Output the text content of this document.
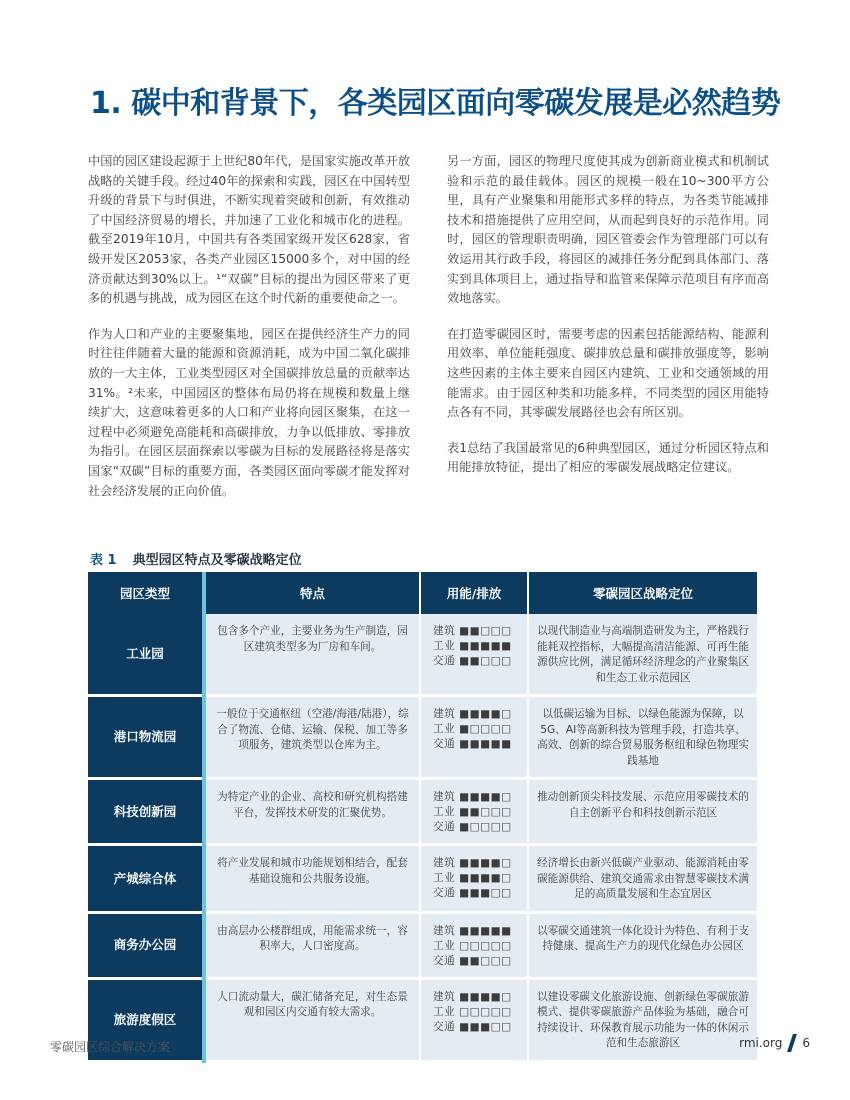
1. 碳中和背景下，各类园区面向零碳发展是必然趋势

中国的园区建设起源于上世纪80年代，是国家实施改革开放战略的关键手段。经过40年的探索和实践，园区在中国转型升级的背景下与时俱进，不断实现着突破和创新，有效推动了中国经济贸易的增长，并加速了工业化和城市化的进程。截至2019年10月，中国共有各类国家级开发区628家，省级开发区2053家，各类产业园区15000多个，对中国的经济贡献达到30%以上。¹“双碳”目标的提出为园区带来了更多的机遇与挑战，成为园区在这个时代新的重要使命之一。

作为人口和产业的主要聚集地，园区在提供经济生产力的同时往往伴随着大量的能源和资源消耗，成为中国二氧化碳排放的一大主体，工业类型园区对全国碳排放总量的贡献率达31%。²未来，中国园区的整体布局仍将在规模和数量上继续扩大，这意味着更多的人口和产业将向园区聚集，在这一过程中必须避免高能耗和高碳排放，力争以低排放、零排放为指引。在园区层面探索以零碳为目标的发展路径将是落实国家“双碳”目标的重要方面，各类园区面向零碳才能发挥对社会经济发展的正向价值。

另一方面，园区的物理尺度使其成为创新商业模式和机制试验和示范的最佳载体。园区的规模一般在10~300平方公里，具有产业聚集和用能形式多样的特点，为各类节能减排技术和措施提供了应用空间，从而起到良好的示范作用。同时，园区的管理职责明确，园区管委会作为管理部门可以有效运用其行政手段，将园区的减排任务分配到具体部门、落实到具体项目上，通过指导和监管来保障示范项目有序而高效地落实。

在打造零碳园区时，需要考虑的因素包括能源结构、能源利用效率、单位能耗强度、碳排放总量和碳排放强度等，影响这些因素的主体主要来自园区内建筑、工业和交通领域的用能需求。由于园区种类和功能多样，不同类型的园区用能特点各有不同，其零碳发展路径也会有所区别。

表1总结了我国最常见的6种典型园区，通过分析园区特点和用能排放特征，提出了相应的零碳发展战略定位建议。

表 1 典型园区特点及零碳战略定位
园区类型	特点	用能/排放	零碳园区战略定位
工业园	包含多个产业，主要业务为生产制造，园区建筑类型多为厂房和车间。	建筑 ■■□□□
工业 ■■■■■
交通 ■■□□□	以现代制造业与高端制造研发为主，严格践行能耗双控指标，大幅提高清洁能源、可再生能源供应比例，满足循环经济理念的产业聚集区和生态工业示范园区
港口物流园	一般位于交通枢纽（空港/海港/陆港），综合了物流、仓储、运输、保税、加工等多项服务，建筑类型以仓库为主。	建筑 ■■■■□
工业 ■□□□□
交通 ■■■■■	以低碳运输为目标、以绿色能源为保障，以5G、AI等高新科技为管理手段，打造共享、高效、创新的综合贸易服务枢纽和绿色物理实践基地
科技创新园	为特定产业的企业、高校和研究机构搭建平台，发挥技术研发的汇聚优势。	建筑 ■■■■□
工业 ■■□□□
交通 ■□□□□	推动创新顶尖科技发展、示范应用零碳技术的自主创新平台和科技创新示范区
产城综合体	将产业发展和城市功能规划相结合，配套基础设施和公共服务设施。	建筑 ■■■■□
工业 ■■■■□
交通 ■■■□□	经济增长由新兴低碳产业驱动、能源消耗由零碳能源供给、建筑交通需求由智慧零碳技术满足的高质量发展和生态宜居区
商务办公园	由高层办公楼群组成，用能需求统一，容积率大，人口密度高。	建筑 ■■■■■
工业 □□□□□
交通 ■■□□□	以零碳交通建筑一体化设计为特色、有利于支持健康、提高生产力的现代化绿色办公园区
旅游度假区	人口流动量大，碳汇储备充足，对生态景观和园区内交通有较大需求。	建筑 ■■■■□
工业 □□□□□
交通 ■■■□□	以建设零碳文化旅游设施、创新绿色零碳旅游模式、提供零碳旅游产品体验为基础，融合可持续设计、环保教育展示功能为一体的休闲示范和生态旅游区
零碳园区综合解决方案	rmi.org 6
